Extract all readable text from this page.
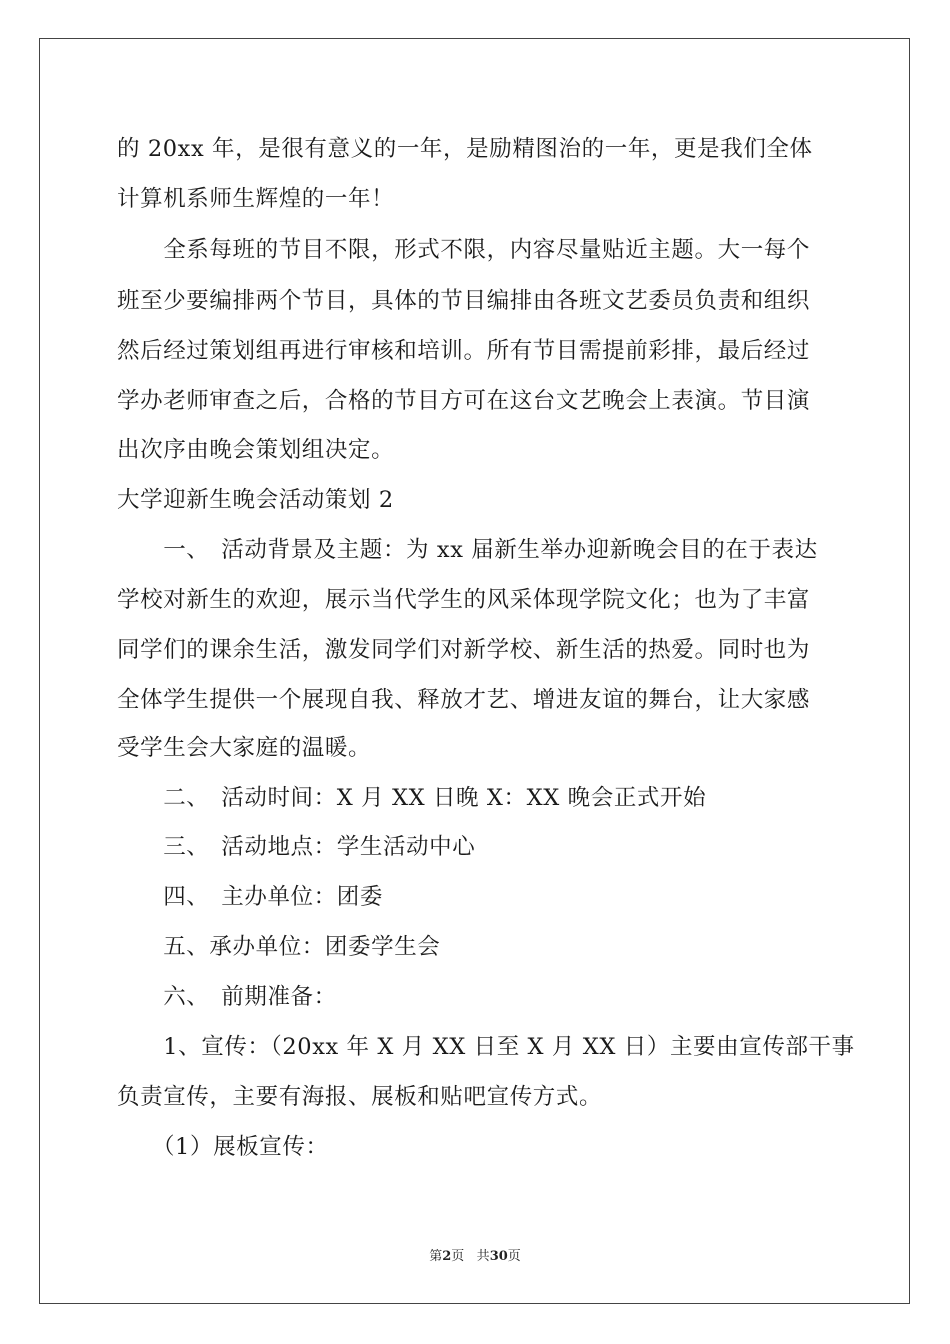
的 20xx 年，是很有意义的一年，是励精图治的一年，更是我们全体
计算机系师生辉煌的一年！
　　全系每班的节目不限，形式不限，内容尽量贴近主题。大一每个
班至少要编排两个节目，具体的节目编排由各班文艺委员负责和组织
然后经过策划组再进行审核和培训。所有节目需提前彩排，最后经过
学办老师审查之后，合格的节目方可在这台文艺晚会上表演。节目演
出次序由晚会策划组决定。
大学迎新生晚会活动策划 2
　　一、　活动背景及主题：为 xx 届新生举办迎新晚会目的在于表达
学校对新生的欢迎，展示当代学生的风采体现学院文化；也为了丰富
同学们的课余生活，激发同学们对新学校、新生活的热爱。同时也为
全体学生提供一个展现自我、释放才艺、增进友谊的舞台，让大家感
受学生会大家庭的温暖。
　　二、　活动时间：X 月 XX 日晚 X：XX 晚会正式开始
　　三、　活动地点：学生活动中心
　　四、　主办单位：团委
　　五、承办单位：团委学生会
　　六、　前期准备：
　　1、宣传：（20xx 年 X 月 XX 日至 X 月 XX 日）主要由宣传部干事
负责宣传，主要有海报、展板和贴吧宣传方式。
　　（1）展板宣传：
第2页 共30页
